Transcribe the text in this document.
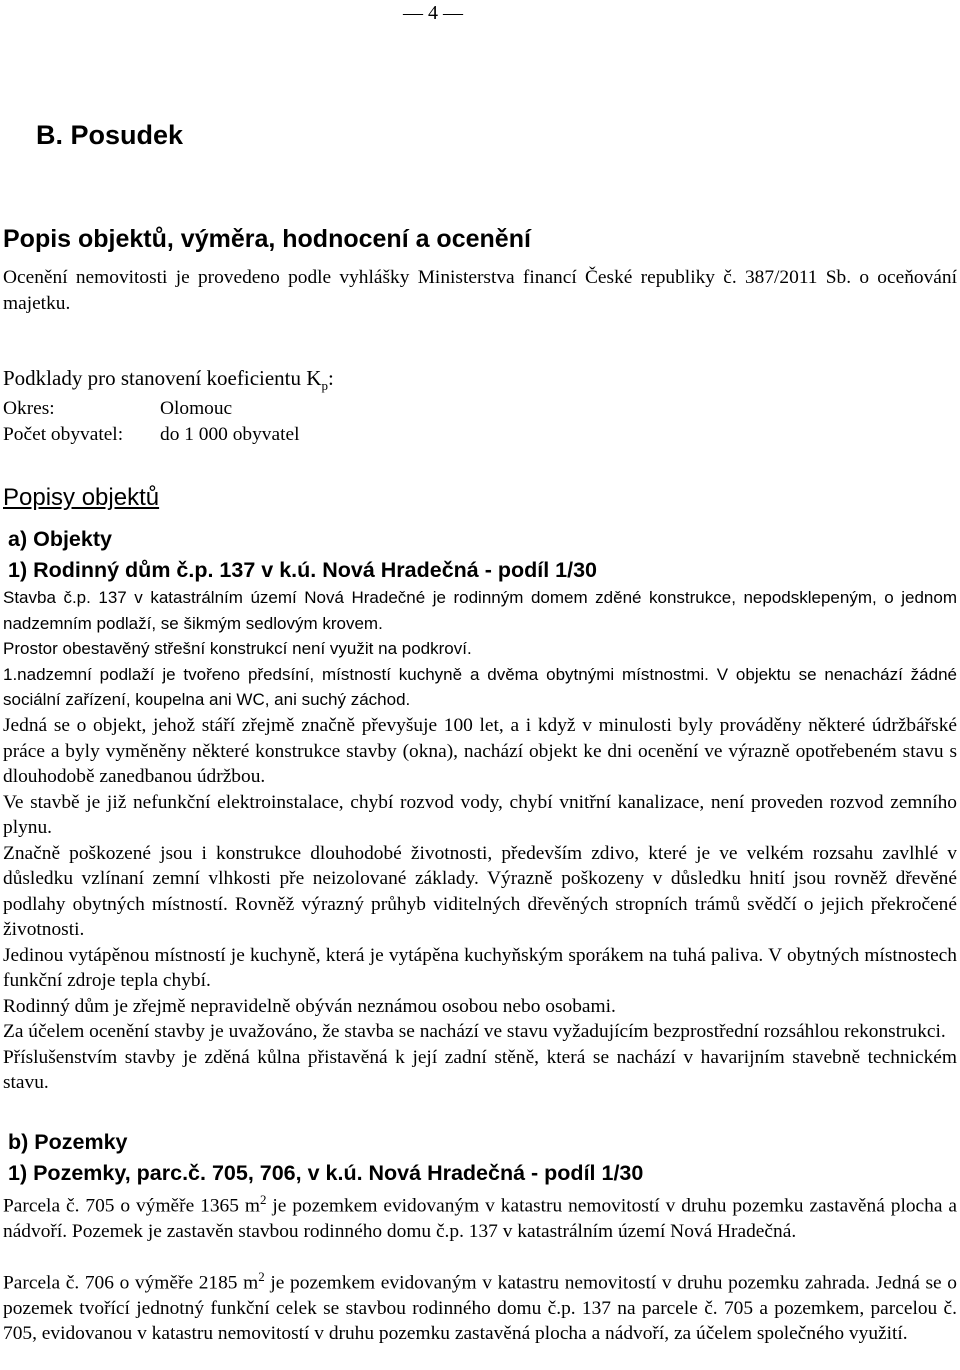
— 4 —
B. Posudek
Popis objektů, výměra, hodnocení a ocenění

Ocenění nemovitosti je provedeno podle vyhlášky Ministerstva financí České republiky č. 387/2011 Sb. o oceňování majetku.

Podklady pro stanovení koeficientu $K_p$:
Okres:	Olomouc
Počet obyvatel: do 1 000 obyvatel
Popisy objektů
a) Objekty
1) Rodinný dům č.p. 137 v k.ú. Nová Hradečná - podíl 1/30

Stavba č.p. 137 v katastrálním území Nová Hradečné je rodinným domem zděné konstrukce, nepodsklepeným, o jednom nadzemním podlaží, se šikmým sedlovým krovem.

Prostor obestavěný střešní konstrukcí není využit na podkroví.

1.nadzemní podlaží je tvořeno předsíní, místností kuchyně a dvěma obytnými místnostmi. V objektu se nenachází žádné sociální zařízení, koupelna ani WC, ani suchý záchod.

Jedná se o objekt, jehož stáří zřejmě značně převyšuje 100 let, a i když v minulosti byly prováděny některé údržbářské práce a byly vyměněny některé konstrukce stavby (okna), nachází objekt ke dni ocenění ve výrazně opotřebeném stavu s dlouhodobě zanedbanou údržbou.

Ve stavbě je již nefunkční elektroinstalace, chybí rozvod vody, chybí vnitřní kanalizace, není proveden rozvod zemního plynu.

Značně poškozené jsou i konstrukce dlouhodobé životnosti, především zdivo, které je ve velkém rozsahu zavlhlé v důsledku vzlínaní zemní vlhkosti pře neizolované základy. Výrazně poškozeny v důsledku hnití jsou rovněž dřevěné podlahy obytných místností. Rovněž výrazný průhyb viditelných dřevěných stropních trámů svědčí o jejich překročené životnosti.

Jedinou vytápěnou místností je kuchyně, která je vytápěna kuchyňským sporákem na tuhá paliva. V obytných místnostech funkční zdroje tepla chybí.

Rodinný dům je zřejmě nepravidelně obýván neznámou osobou nebo osobami.

Za účelem ocenění stavby je uvažováno, že stavba se nachází ve stavu vyžadujícím bezprostřední rozsáhlou rekonstrukci.

Příslušenstvím stavby je zděná kůlna přistavěná k její zadní stěně, která se nachází v havarijním stavebně technickém stavu.

b) Pozemky
1) Pozemky, parc.č. 705, 706, v k.ú. Nová Hradečná - podíl 1/30

Parcela č. 705 o výměře 1365 $m^2$ je pozemkem evidovaným v katastru nemovitostí v druhu pozemku zastavěná plocha a nádvoří. Pozemek je zastavěn stavbou rodinného domu č.p. 137 v katastrálním území Nová Hradečná.

Parcela č. 706 o výměře 2185 $m^2$ je pozemkem evidovaným v katastru nemovitostí v druhu pozemku zahrada. Jedná se o pozemek tvořící jednotný funkční celek se stavbou rodinného domu č.p. 137 na parcele č. 705 a pozemkem, parcelou č. 705, evidovanou v katastru nemovitostí v druhu pozemku zastavěná plocha a nádvoří, za účelem společného využití.
